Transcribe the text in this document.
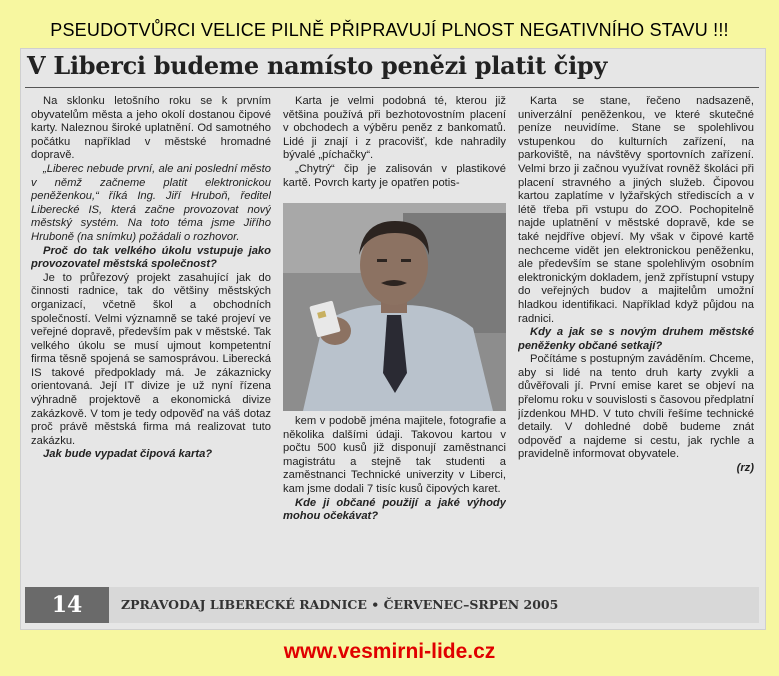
PSEUDOTVŮRCI VELICE PILNĚ PŘIPRAVUJÍ PLNOST NEGATIVNÍHO STAVU !!!
V Liberci budeme namísto penězi platit čipy

Na sklonku letošního roku se k prvním obyvatelům města a jeho okolí dostanou čipové karty. Naleznou široké uplatnění. Od samotného počátku například v městské hromadné dopravě.

„Liberec nebude první, ale ani poslední město v němž začneme platit elektronickou peněženkou,“ říká Ing. Jiří Hruboň, ředitel Liberecké IS, která začne provozovat nový městský systém. Na toto téma jsme Jiřího Hruboně (na snímku) požádali o rozhovor.

Proč do tak velkého úkolu vstupuje jako provozovatel městská společnost?

Je to průřezový projekt zasahující jak do činnosti radnice, tak do většiny městských organizací, včetně škol a obchodních společností. Velmi významně se také projeví ve veřejné dopravě, především pak v městské. Tak velkého úkolu se musí ujmout kompetentní firma těsně spojená se samosprávou. Liberecká IS takové předpoklady má. Je zákaznicky orientovaná. Její IT divize je už nyní řízena výhradně projektově a ekonomická divize zakázkově. V tom je tedy odpověď na váš dotaz proč právě městská firma má realizovat tuto zakázku.

Jak bude vypadat čipová karta?

Karta je velmi podobná té, kterou již většina používá při bezhotovostním placení v obchodech a výběru peněz z bankomatů. Lidé ji znají i z pracovišť, kde nahradily bývalé „píchačky“.

„Chytrý“ čip je zalisován v plastikové kartě. Povrch karty je opatřen potis-

kem v podobě jména majitele, fotografie a několika dalšími údaji. Takovou kartou v počtu 500 kusů již disponují zaměstnanci magistrátu a stejně tak studenti a zaměstnanci Technické univerzity v Liberci, kam jsme dodali 7 tisíc kusů čipových karet.

Kde ji občané použijí a jaké výhody mohou očekávat?

Karta se stane, řečeno nadsazeně, univerzální peněženkou, ve které skutečné peníze neuvidíme. Stane se spolehlivou vstupenkou do kulturních zařízení, na parkoviště, na návštěvy sportovních zařízení. Velmi brzo ji začnou využívat rovněž školáci při placení stravného a jiných služeb. Čipovou kartou zaplatíme v lyžařských střediscích a v létě třeba při vstupu do ZOO. Pochopitelně najde uplatnění v městské dopravě, kde se také nejdříve objeví. My však v čipové kartě nechceme vidět jen elektronickou peněženku, ale především se stane spolehlivým osobním elektronickým dokladem, jenž zpřístupní vstupy do veřejných budov a majitelům umožní hladkou identifikaci. Například když půjdou na radnici.

Kdy a jak se s novým druhem městské peněženky občané setkají?

Počítáme s postupným zaváděním. Chceme, aby si lidé na tento druh karty zvykli a důvěřovali jí. První emise karet se objeví na přelomu roku v souvislosti s časovou předplatní jízdenkou MHD. V tuto chvíli řešíme technické detaily. V dohledné době budeme znát odpověď a najdeme si cestu, jak rychle a pravidelně informovat obyvatele.

(rz)

14	ZPRAVODAJ LIBERECKÉ RADNICE • ČERVENEC–SRPEN 2005
www.vesmirni-lide.cz
